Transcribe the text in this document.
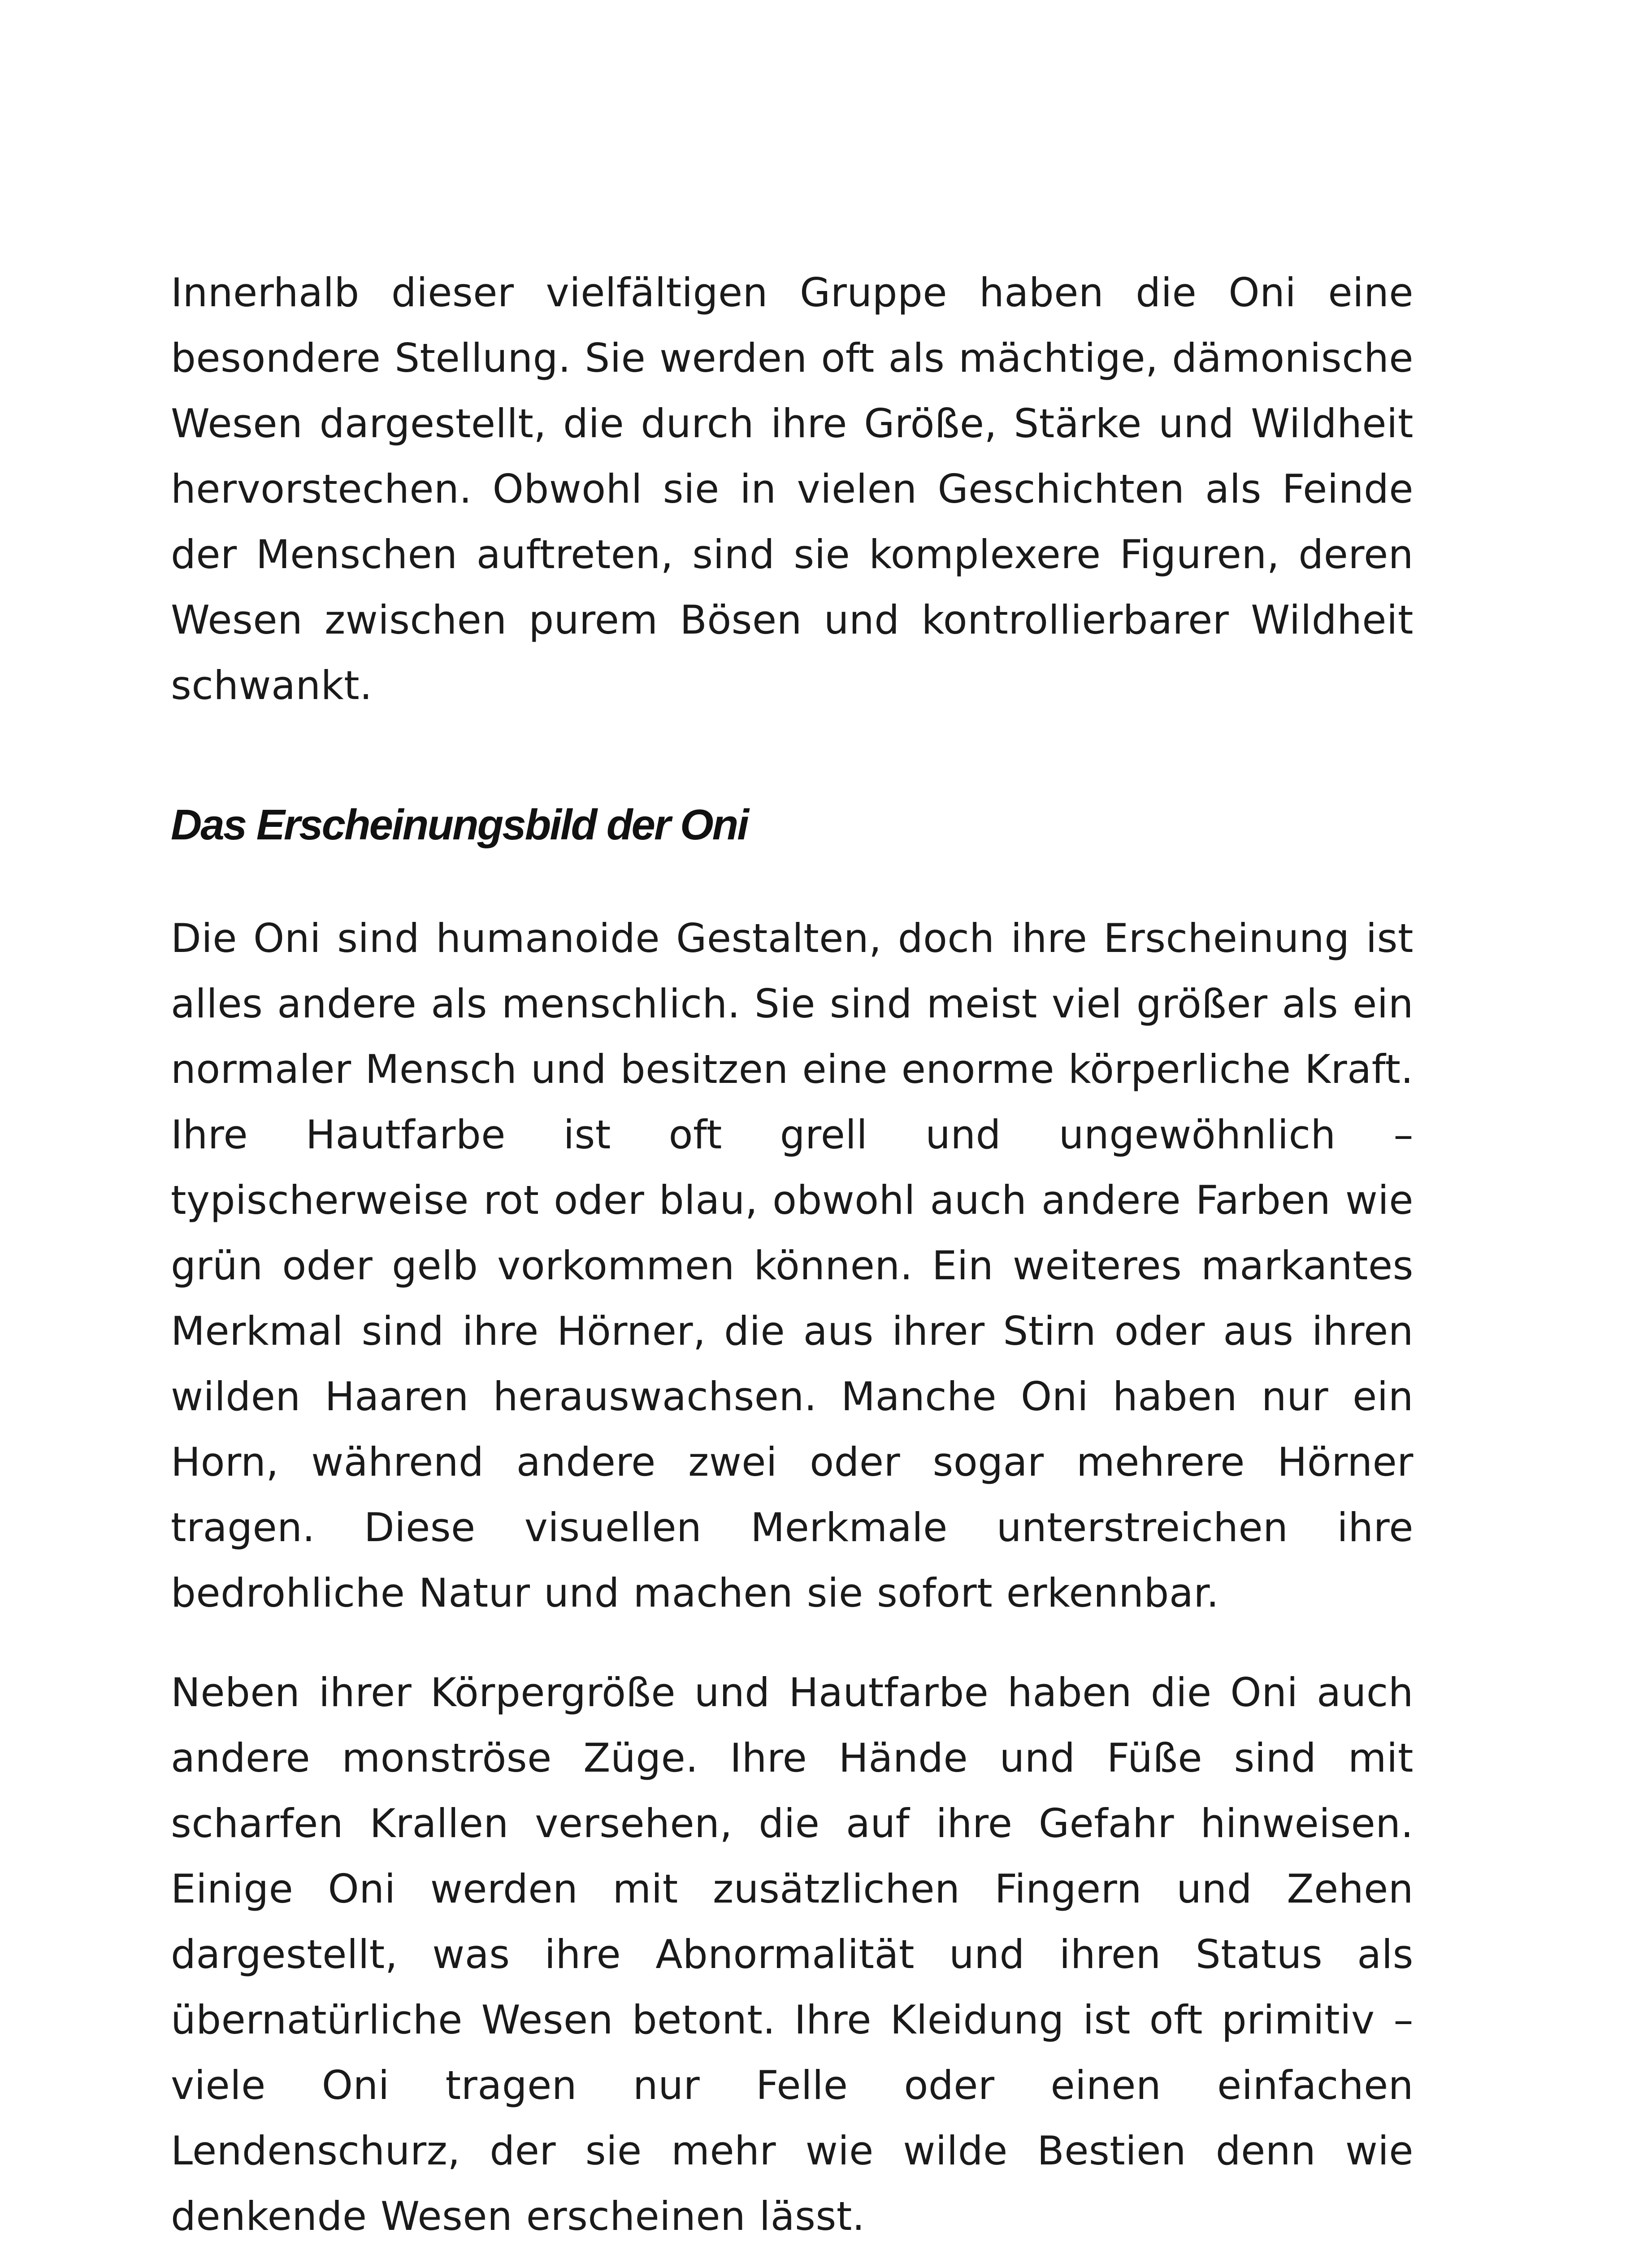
Innerhalb dieser vielfältigen Gruppe haben die Oni eine besondere Stellung. Sie werden oft als mächtige, dämonische Wesen dargestellt, die durch ihre Größe, Stärke und Wildheit hervorstechen. Obwohl sie in vielen Geschichten als Feinde der Menschen auftreten, sind sie komplexere Figuren, deren Wesen zwischen purem Bösen und kontrollierbarer Wildheit schwankt.

Das Erscheinungsbild der Oni

Die Oni sind humanoide Gestalten, doch ihre Erscheinung ist alles andere als menschlich. Sie sind meist viel größer als ein normaler Mensch und besitzen eine enorme körperliche Kraft. Ihre Hautfarbe ist oft grell und ungewöhnlich – typischerweise rot oder blau, obwohl auch andere Farben wie grün oder gelb vorkommen können. Ein weiteres markantes Merkmal sind ihre Hörner, die aus ihrer Stirn oder aus ihren wilden Haaren herauswachsen. Manche Oni haben nur ein Horn, während andere zwei oder sogar mehrere Hörner tragen. Diese visuellen Merkmale unterstreichen ihre bedrohliche Natur und machen sie sofort erkennbar.

Neben ihrer Körpergröße und Hautfarbe haben die Oni auch andere monströse Züge. Ihre Hände und Füße sind mit scharfen Krallen versehen, die auf ihre Gefahr hinweisen. Einige Oni werden mit zusätzlichen Fingern und Zehen dargestellt, was ihre Abnormalität und ihren Status als übernatürliche Wesen betont. Ihre Kleidung ist oft primitiv – viele Oni tragen nur Felle oder einen einfachen Lendenschurz, der sie mehr wie wilde Bestien denn wie denkende Wesen erscheinen lässt.
